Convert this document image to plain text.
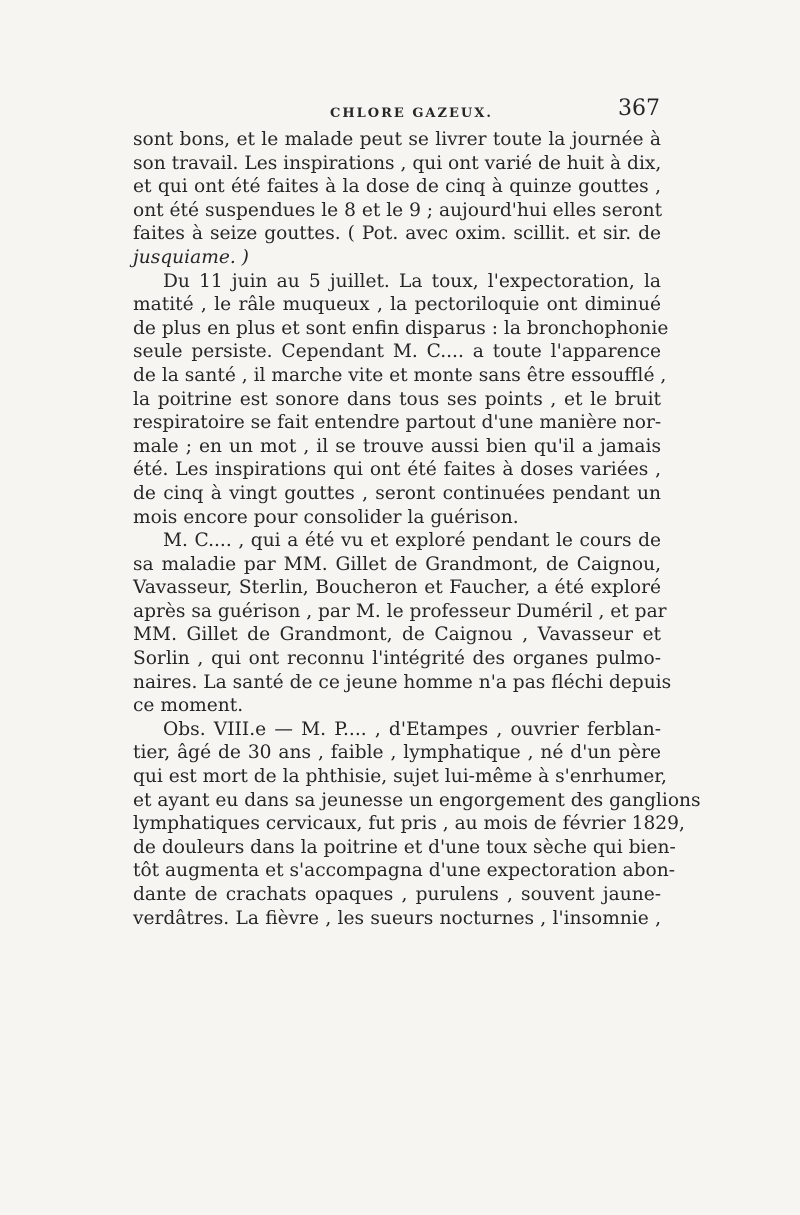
CHLORE GAZEUX.	367
sont bons, et le malade peut se livrer toute la journée à
son travail. Les inspirations , qui ont varié de huit à dix,
et qui ont été faites à la dose de cinq à quinze gouttes ,
ont été suspendues le 8 et le 9 ; aujourd'hui elles seront
faites à seize gouttes. ( Pot. avec oxim. scillit. et sir. de
jusquiame. )
Du 11 juin au 5 juillet. La toux, l'expectoration, la
matité , le râle muqueux , la pectoriloquie ont diminué
de plus en plus et sont enfin disparus : la bronchophonie
seule persiste. Cependant M. C.... a toute l'apparence
de la santé , il marche vite et monte sans être essoufflé ,
la poitrine est sonore dans tous ses points , et le bruit
respiratoire se fait entendre partout d'une manière nor-
male ; en un mot , il se trouve aussi bien qu'il a jamais
été. Les inspirations qui ont été faites à doses variées ,
de cinq à vingt gouttes , seront continuées pendant un
mois encore pour consolider la guérison.
M. C.... , qui a été vu et exploré pendant le cours de
sa maladie par MM. Gillet de Grandmont, de Caignou,
Vavasseur, Sterlin, Boucheron et Faucher, a été exploré
après sa guérison , par M. le professeur Duméril , et par
MM. Gillet de Grandmont, de Caignou , Vavasseur et
Sorlin , qui ont reconnu l'intégrité des organes pulmo-
naires. La santé de ce jeune homme n'a pas fléchi depuis
ce moment.
Obs. VIII.e — M. P.... , d'Etampes , ouvrier ferblan-
tier, âgé de 30 ans , faible , lymphatique , né d'un père
qui est mort de la phthisie, sujet lui-même à s'enrhumer,
et ayant eu dans sa jeunesse un engorgement des ganglions
lymphatiques cervicaux, fut pris , au mois de février 1829,
de douleurs dans la poitrine et d'une toux sèche qui bien-
tôt augmenta et s'accompagna d'une expectoration abon-
dante de crachats opaques , purulens , souvent jaune-
verdâtres. La fièvre , les sueurs nocturnes , l'insomnie ,
